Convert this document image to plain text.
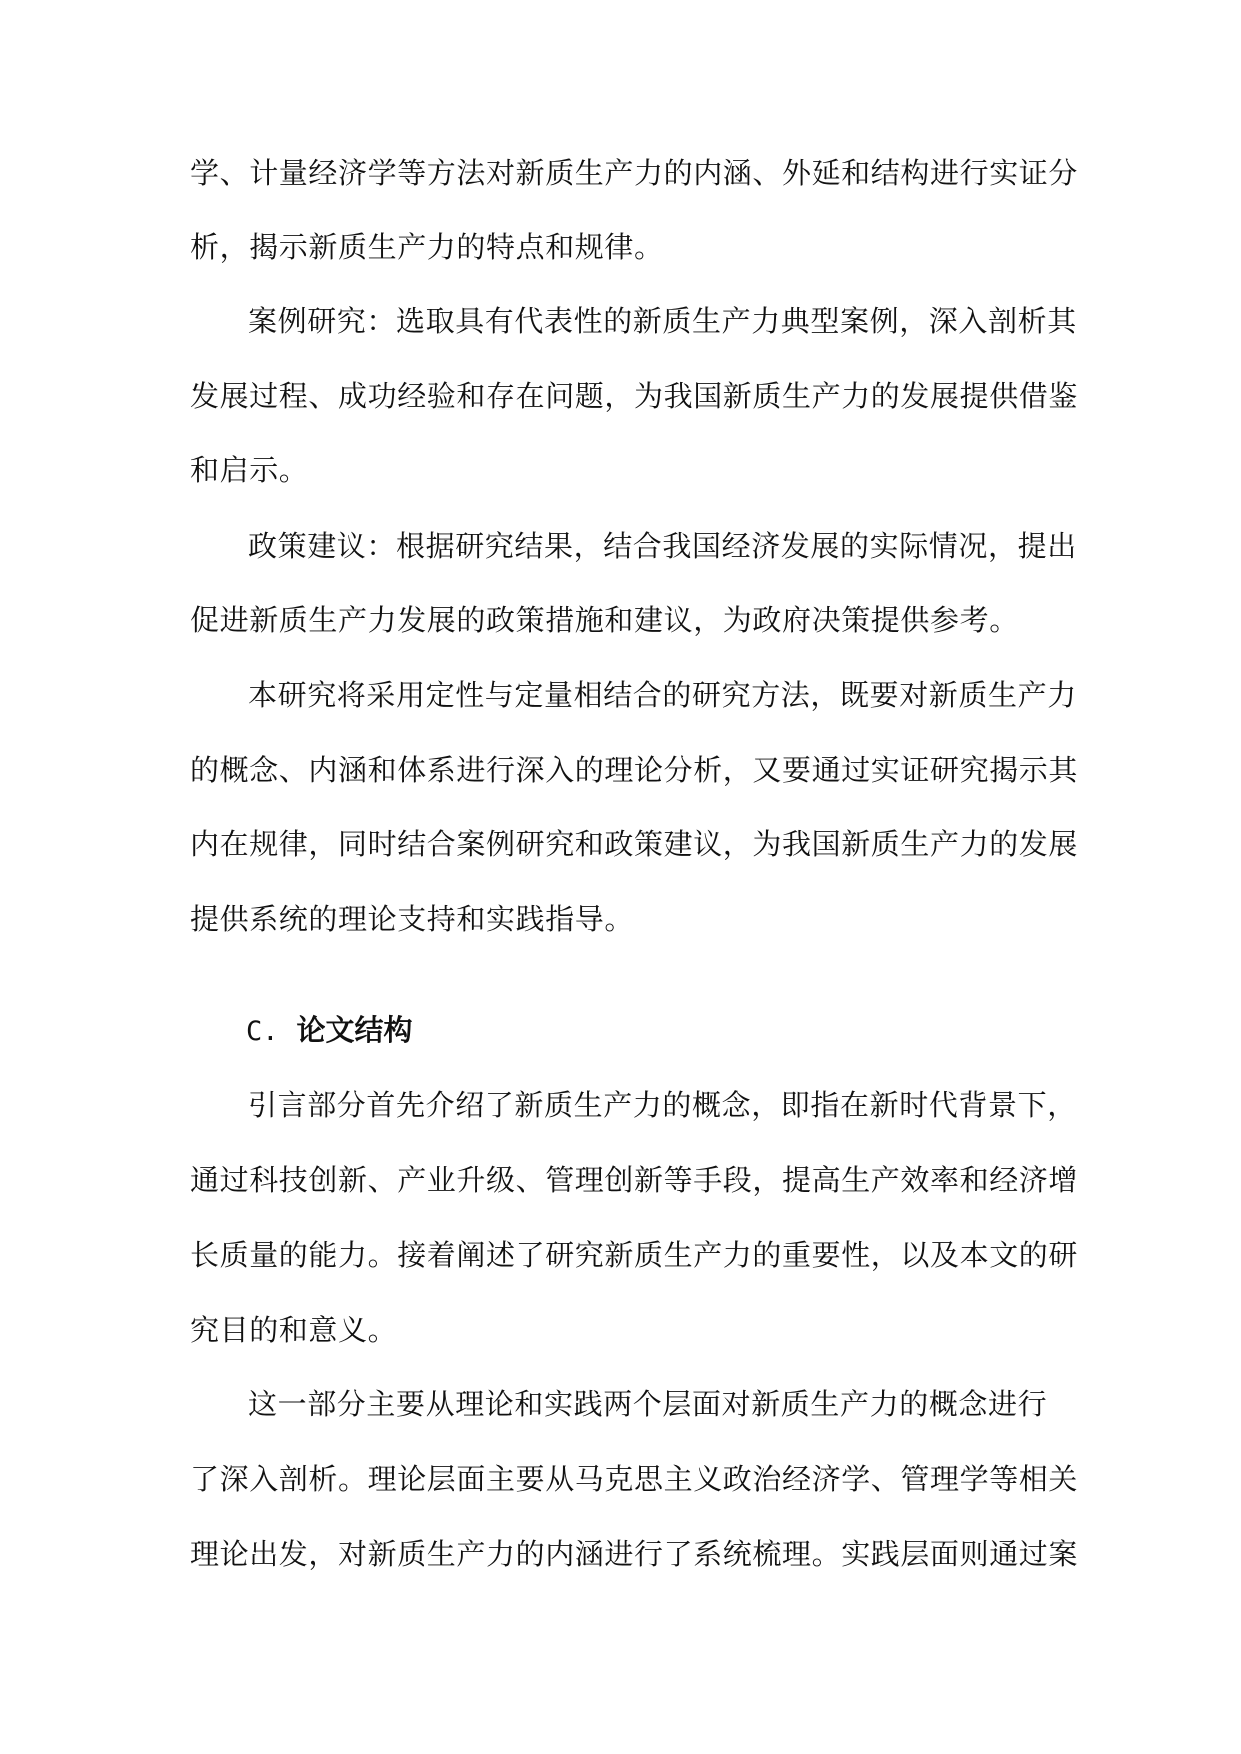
学、计量经济学等方法对新质生产力的内涵、外延和结构进行实证分
析，揭示新质生产力的特点和规律。
案例研究：选取具有代表性的新质生产力典型案例，深入剖析其
发展过程、成功经验和存在问题，为我国新质生产力的发展提供借鉴
和启示。
政策建议：根据研究结果，结合我国经济发展的实际情况，提出
促进新质生产力发展的政策措施和建议，为政府决策提供参考。
本研究将采用定性与定量相结合的研究方法，既要对新质生产力
的概念、内涵和体系进行深入的理论分析，又要通过实证研究揭示其
内在规律，同时结合案例研究和政策建议，为我国新质生产力的发展
提供系统的理论支持和实践指导。
C. 论文结构
引言部分首先介绍了新质生产力的概念，即指在新时代背景下，
通过科技创新、产业升级、管理创新等手段，提高生产效率和经济增
长质量的能力。接着阐述了研究新质生产力的重要性，以及本文的研
究目的和意义。
这一部分主要从理论和实践两个层面对新质生产力的概念进行
了深入剖析。理论层面主要从马克思主义政治经济学、管理学等相关
理论出发，对新质生产力的内涵进行了系统梳理。实践层面则通过案
